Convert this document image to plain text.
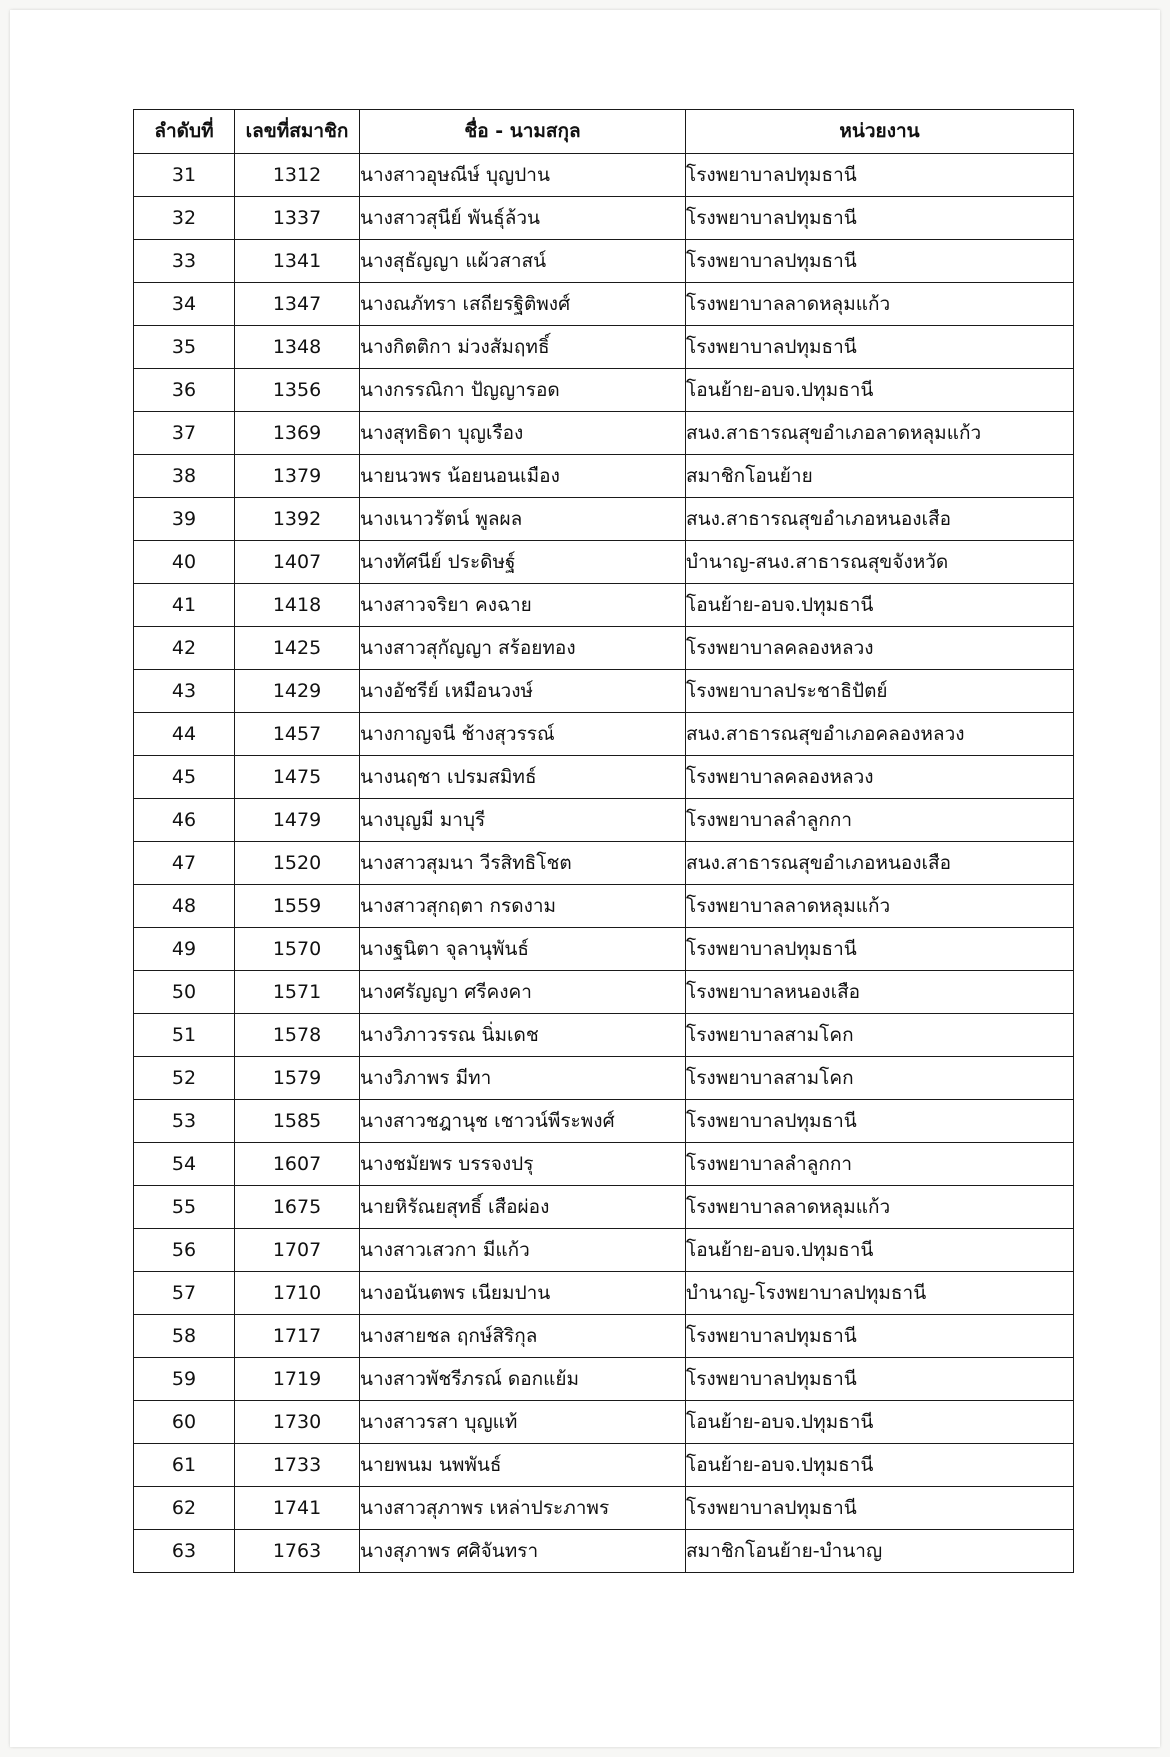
ลำดับที่	เลขที่สมาชิก	ชื่อ - นามสกุล	หน่วยงาน
31	1312	นางสาวอุษณีษ์ บุญปาน	โรงพยาบาลปทุมธานี
32	1337	นางสาวสุนีย์ พันธุ์ล้วน	โรงพยาบาลปทุมธานี
33	1341	นางสุธัญญา แผ้วสาสน์	โรงพยาบาลปทุมธานี
34	1347	นางณภัทรา เสถียรฐิติพงศ์	โรงพยาบาลลาดหลุมแก้ว
35	1348	นางกิตติกา ม่วงสัมฤทธิ์	โรงพยาบาลปทุมธานี
36	1356	นางกรรณิกา ปัญญารอด	โอนย้าย-อบจ.ปทุมธานี
37	1369	นางสุทธิดา บุญเรือง	สนง.สาธารณสุขอำเภอลาดหลุมแก้ว
38	1379	นายนวพร น้อยนอนเมือง	สมาชิกโอนย้าย
39	1392	นางเนาวรัตน์ พูลผล	สนง.สาธารณสุขอำเภอหนองเสือ
40	1407	นางทัศนีย์ ประดิษฐ์	บำนาญ-สนง.สาธารณสุขจังหวัด
41	1418	นางสาวจริยา คงฉาย	โอนย้าย-อบจ.ปทุมธานี
42	1425	นางสาวสุกัญญา สร้อยทอง	โรงพยาบาลคลองหลวง
43	1429	นางอัชรีย์ เหมือนวงษ์	โรงพยาบาลประชาธิปัตย์
44	1457	นางกาญจนี ช้างสุวรรณ์	สนง.สาธารณสุขอำเภอคลองหลวง
45	1475	นางนฤชา เปรมสมิทธ์	โรงพยาบาลคลองหลวง
46	1479	นางบุญมี มาบุรี	โรงพยาบาลลำลูกกา
47	1520	นางสาวสุมนา วีรสิทธิโชต	สนง.สาธารณสุขอำเภอหนองเสือ
48	1559	นางสาวสุกฤตา กรดงาม	โรงพยาบาลลาดหลุมแก้ว
49	1570	นางฐนิตา จุลานุพันธ์	โรงพยาบาลปทุมธานี
50	1571	นางศรัญญา ศรีคงคา	โรงพยาบาลหนองเสือ
51	1578	นางวิภาวรรณ นิ่มเดช	โรงพยาบาลสามโคก
52	1579	นางวิภาพร มีทา	โรงพยาบาลสามโคก
53	1585	นางสาวชฎานุช เชาวน์พีระพงศ์	โรงพยาบาลปทุมธานี
54	1607	นางชมัยพร บรรจงปรุ	โรงพยาบาลลำลูกกา
55	1675	นายหิรัณยสุทธิ์ เสือผ่อง	โรงพยาบาลลาดหลุมแก้ว
56	1707	นางสาวเสวกา มีแก้ว	โอนย้าย-อบจ.ปทุมธานี
57	1710	นางอนันตพร เนียมปาน	บำนาญ-โรงพยาบาลปทุมธานี
58	1717	นางสายชล ฤกษ์สิริกุล	โรงพยาบาลปทุมธานี
59	1719	นางสาวพัชรีภรณ์ ดอกแย้ม	โรงพยาบาลปทุมธานี
60	1730	นางสาวรสา บุญแท้	โอนย้าย-อบจ.ปทุมธานี
61	1733	นายพนม นพพันธ์	โอนย้าย-อบจ.ปทุมธานี
62	1741	นางสาวสุภาพร เหล่าประภาพร	โรงพยาบาลปทุมธานี
63	1763	นางสุภาพร ศศิจันทรา	สมาชิกโอนย้าย-บำนาญ
